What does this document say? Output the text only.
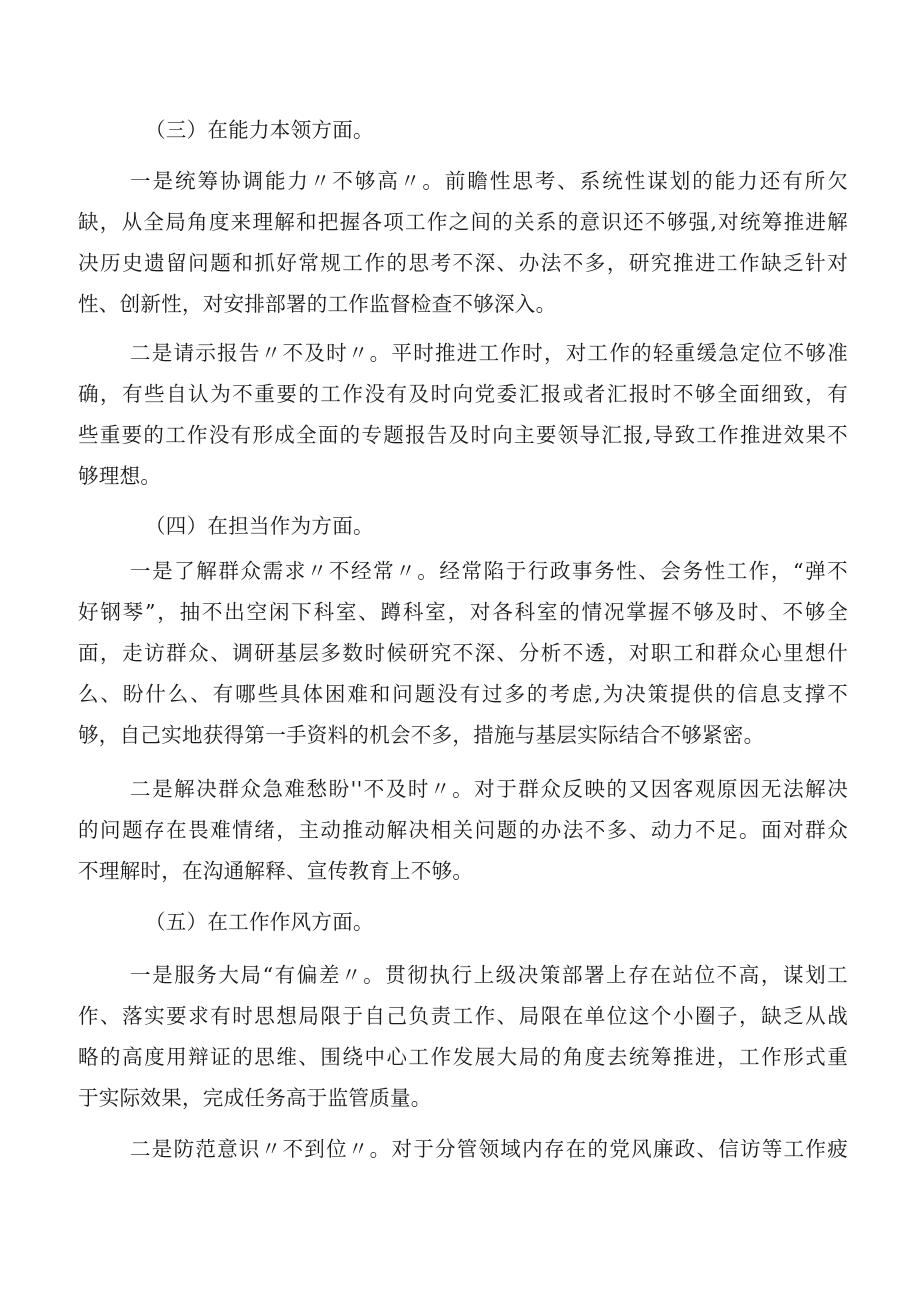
（三）在能力本领方面。
一是统筹协调能力〃不够高〃。前瞻性思考、系统性谋划的能力还有所欠
缺，从全局角度来理解和把握各项工作之间的关系的意识还不够强,对统筹推进解
决历史遗留问题和抓好常规工作的思考不深、办法不多，研究推进工作缺乏针对
性、创新性，对安排部署的工作监督检查不够深入。
二是请示报告〃不及时〃。平时推进工作时，对工作的轻重缓急定位不够准
确，有些自认为不重要的工作没有及时向党委汇报或者汇报时不够全面细致，有
些重要的工作没有形成全面的专题报告及时向主要领导汇报,导致工作推进效果不
够理想。
（四）在担当作为方面。
一是了解群众需求〃不经常〃。经常陷于行政事务性、会务性工作，“弹不
好钢琴”，抽不出空闲下科室、蹲科室，对各科室的情况掌握不够及时、不够全
面，走访群众、调研基层多数时候研究不深、分析不透，对职工和群众心里想什
么、盼什么、有哪些具体困难和问题没有过多的考虑,为决策提供的信息支撑不
够，自己实地获得第一手资料的机会不多，措施与基层实际结合不够紧密。
二是解决群众急难愁盼''不及时〃。对于群众反映的又因客观原因无法解决
的问题存在畏难情绪，主动推动解决相关问题的办法不多、动力不足。面对群众
不理解时，在沟通解释、宣传教育上不够。
（五）在工作作风方面。
一是服务大局“有偏差〃。贯彻执行上级决策部署上存在站位不高，谋划工
作、落实要求有时思想局限于自己负责工作、局限在单位这个小圈子，缺乏从战
略的高度用辩证的思维、围绕中心工作发展大局的角度去统筹推进，工作形式重
于实际效果，完成任务高于监管质量。
二是防范意识〃不到位〃。对于分管领域内存在的党风廉政、信访等工作疲
